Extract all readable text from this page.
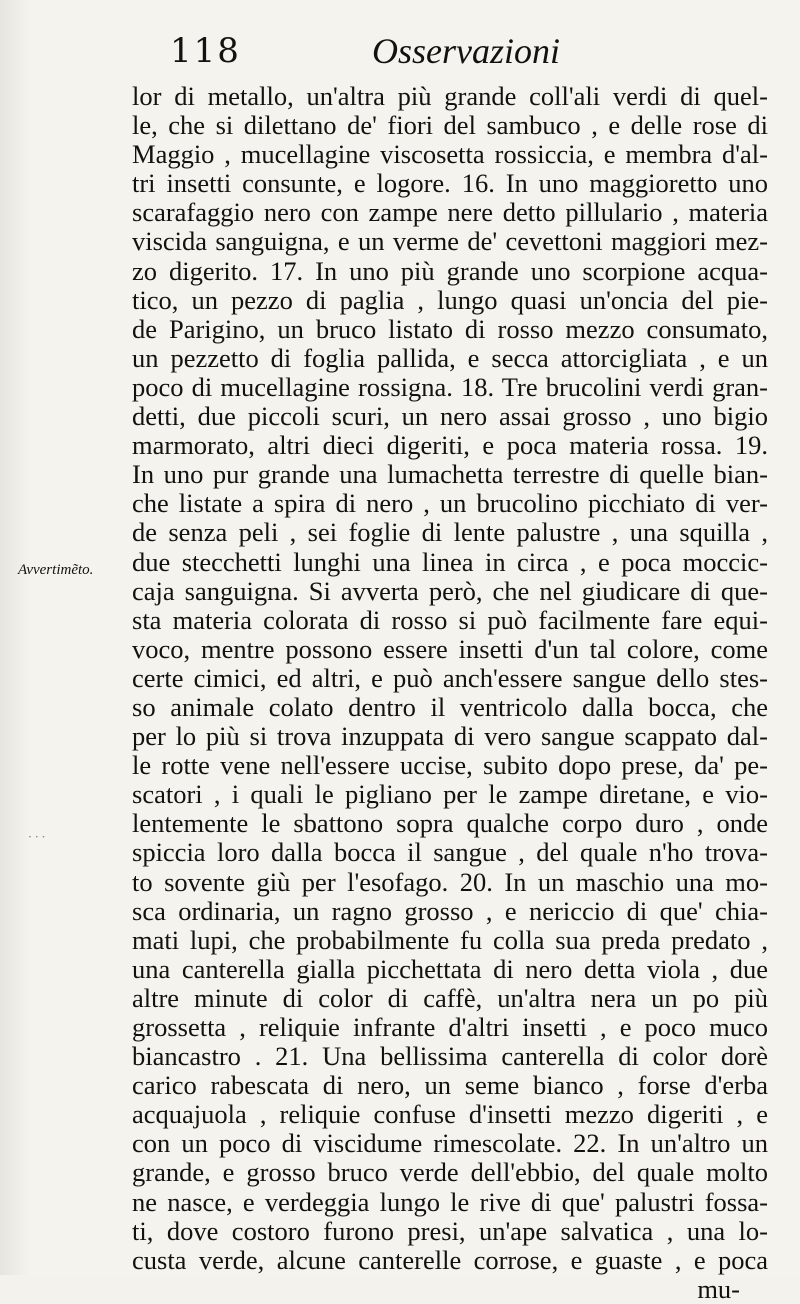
···
118	Osservazioni
Avvertimẽto.
lor di metallo, un'altra più grande coll'ali verdi di quel-
le, che si dilettano de' fiori del sambuco , e delle rose di
Maggio , mucellagine viscosetta rossiccia, e membra d'al-
tri insetti consunte, e logore. 16. In uno maggioretto uno
scarafaggio nero con zampe nere detto pillulario , materia
viscida sanguigna, e un verme de' cevettoni maggiori mez-
zo digerito. 17. In uno più grande uno scorpione acqua-
tico, un pezzo di paglia , lungo quasi un'oncia del pie-
de Parigino, un bruco listato di rosso mezzo consumato,
un pezzetto di foglia pallida, e secca attorcigliata , e un
poco di mucellagine rossigna. 18. Tre brucolini verdi gran-
detti, due piccoli scuri, un nero assai grosso , uno bigio
marmorato, altri dieci digeriti, e poca materia rossa. 19.
In uno pur grande una lumachetta terrestre di quelle bian-
che listate a spira di nero , un brucolino picchiato di ver-
de senza peli , sei foglie di lente palustre , una squilla ,
due stecchetti lunghi una linea in circa , e poca moccic-
caja sanguigna. Si avverta però, che nel giudicare di que-
sta materia colorata di rosso si può facilmente fare equi-
voco, mentre possono essere insetti d'un tal colore, come
certe cimici, ed altri, e può anch'essere sangue dello stes-
so animale colato dentro il ventricolo dalla bocca, che
per lo più si trova inzuppata di vero sangue scappato dal-
le rotte vene nell'essere uccise, subito dopo prese, da' pe-
scatori , i quali le pigliano per le zampe diretane, e vio-
lentemente le sbattono sopra qualche corpo duro , onde
spiccia loro dalla bocca il sangue , del quale n'ho trova-
to sovente giù per l'esofago. 20. In un maschio una mo-
sca ordinaria, un ragno grosso , e nericcio di que' chia-
mati lupi, che probabilmente fu colla sua preda predato ,
una canterella gialla picchettata di nero detta viola , due
altre minute di color di caffè, un'altra nera un po più
grossetta , reliquie infrante d'altri insetti , e poco muco
biancastro . 21. Una bellissima canterella di color dorè
carico rabescata di nero, un seme bianco , forse d'erba
acquajuola , reliquie confuse d'insetti mezzo digeriti , e
con un poco di viscidume rimescolate. 22. In un'altro un
grande, e grosso bruco verde dell'ebbio, del quale molto
ne nasce, e verdeggia lungo le rive di que' palustri fossa-
ti, dove costoro furono presi, un'ape salvatica , una lo-
custa verde, alcune canterelle corrose, e guaste , e poca
mu-
